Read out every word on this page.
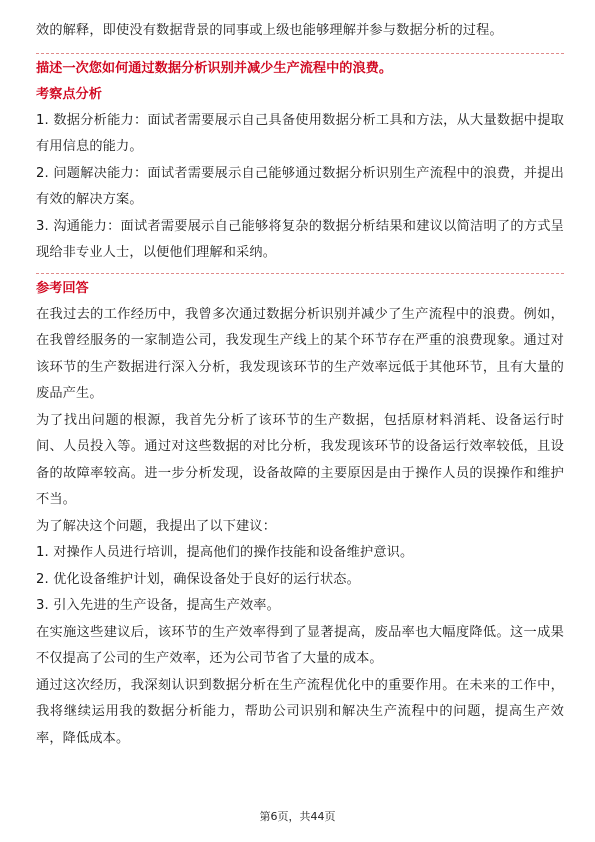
效的解释，即使没有数据背景的同事或上级也能够理解并参与数据分析的过程。

描述一次您如何通过数据分析识别并减少生产流程中的浪费。

考察点分析

1. 数据分析能力：面试者需要展示自己具备使用数据分析工具和方法，从大量数据中提取有用信息的能力。

2. 问题解决能力：面试者需要展示自己能够通过数据分析识别生产流程中的浪费，并提出有效的解决方案。

3. 沟通能力：面试者需要展示自己能够将复杂的数据分析结果和建议以简洁明了的方式呈现给非专业人士，以便他们理解和采纳。

参考回答

在我过去的工作经历中，我曾多次通过数据分析识别并减少了生产流程中的浪费。例如，在我曾经服务的一家制造公司，我发现生产线上的某个环节存在严重的浪费现象。通过对该环节的生产数据进行深入分析，我发现该环节的生产效率远低于其他环节，且有大量的废品产生。

为了找出问题的根源，我首先分析了该环节的生产数据，包括原材料消耗、设备运行时间、人员投入等。通过对这些数据的对比分析，我发现该环节的设备运行效率较低，且设备的故障率较高。进一步分析发现，设备故障的主要原因是由于操作人员的误操作和维护不当。

为了解决这个问题，我提出了以下建议：

1. 对操作人员进行培训，提高他们的操作技能和设备维护意识。

2. 优化设备维护计划，确保设备处于良好的运行状态。

3. 引入先进的生产设备，提高生产效率。

在实施这些建议后，该环节的生产效率得到了显著提高，废品率也大幅度降低。这一成果不仅提高了公司的生产效率，还为公司节省了大量的成本。

通过这次经历，我深刻认识到数据分析在生产流程优化中的重要作用。在未来的工作中，我将继续运用我的数据分析能力，帮助公司识别和解决生产流程中的问题，提高生产效率，降低成本。

第6页，共44页
